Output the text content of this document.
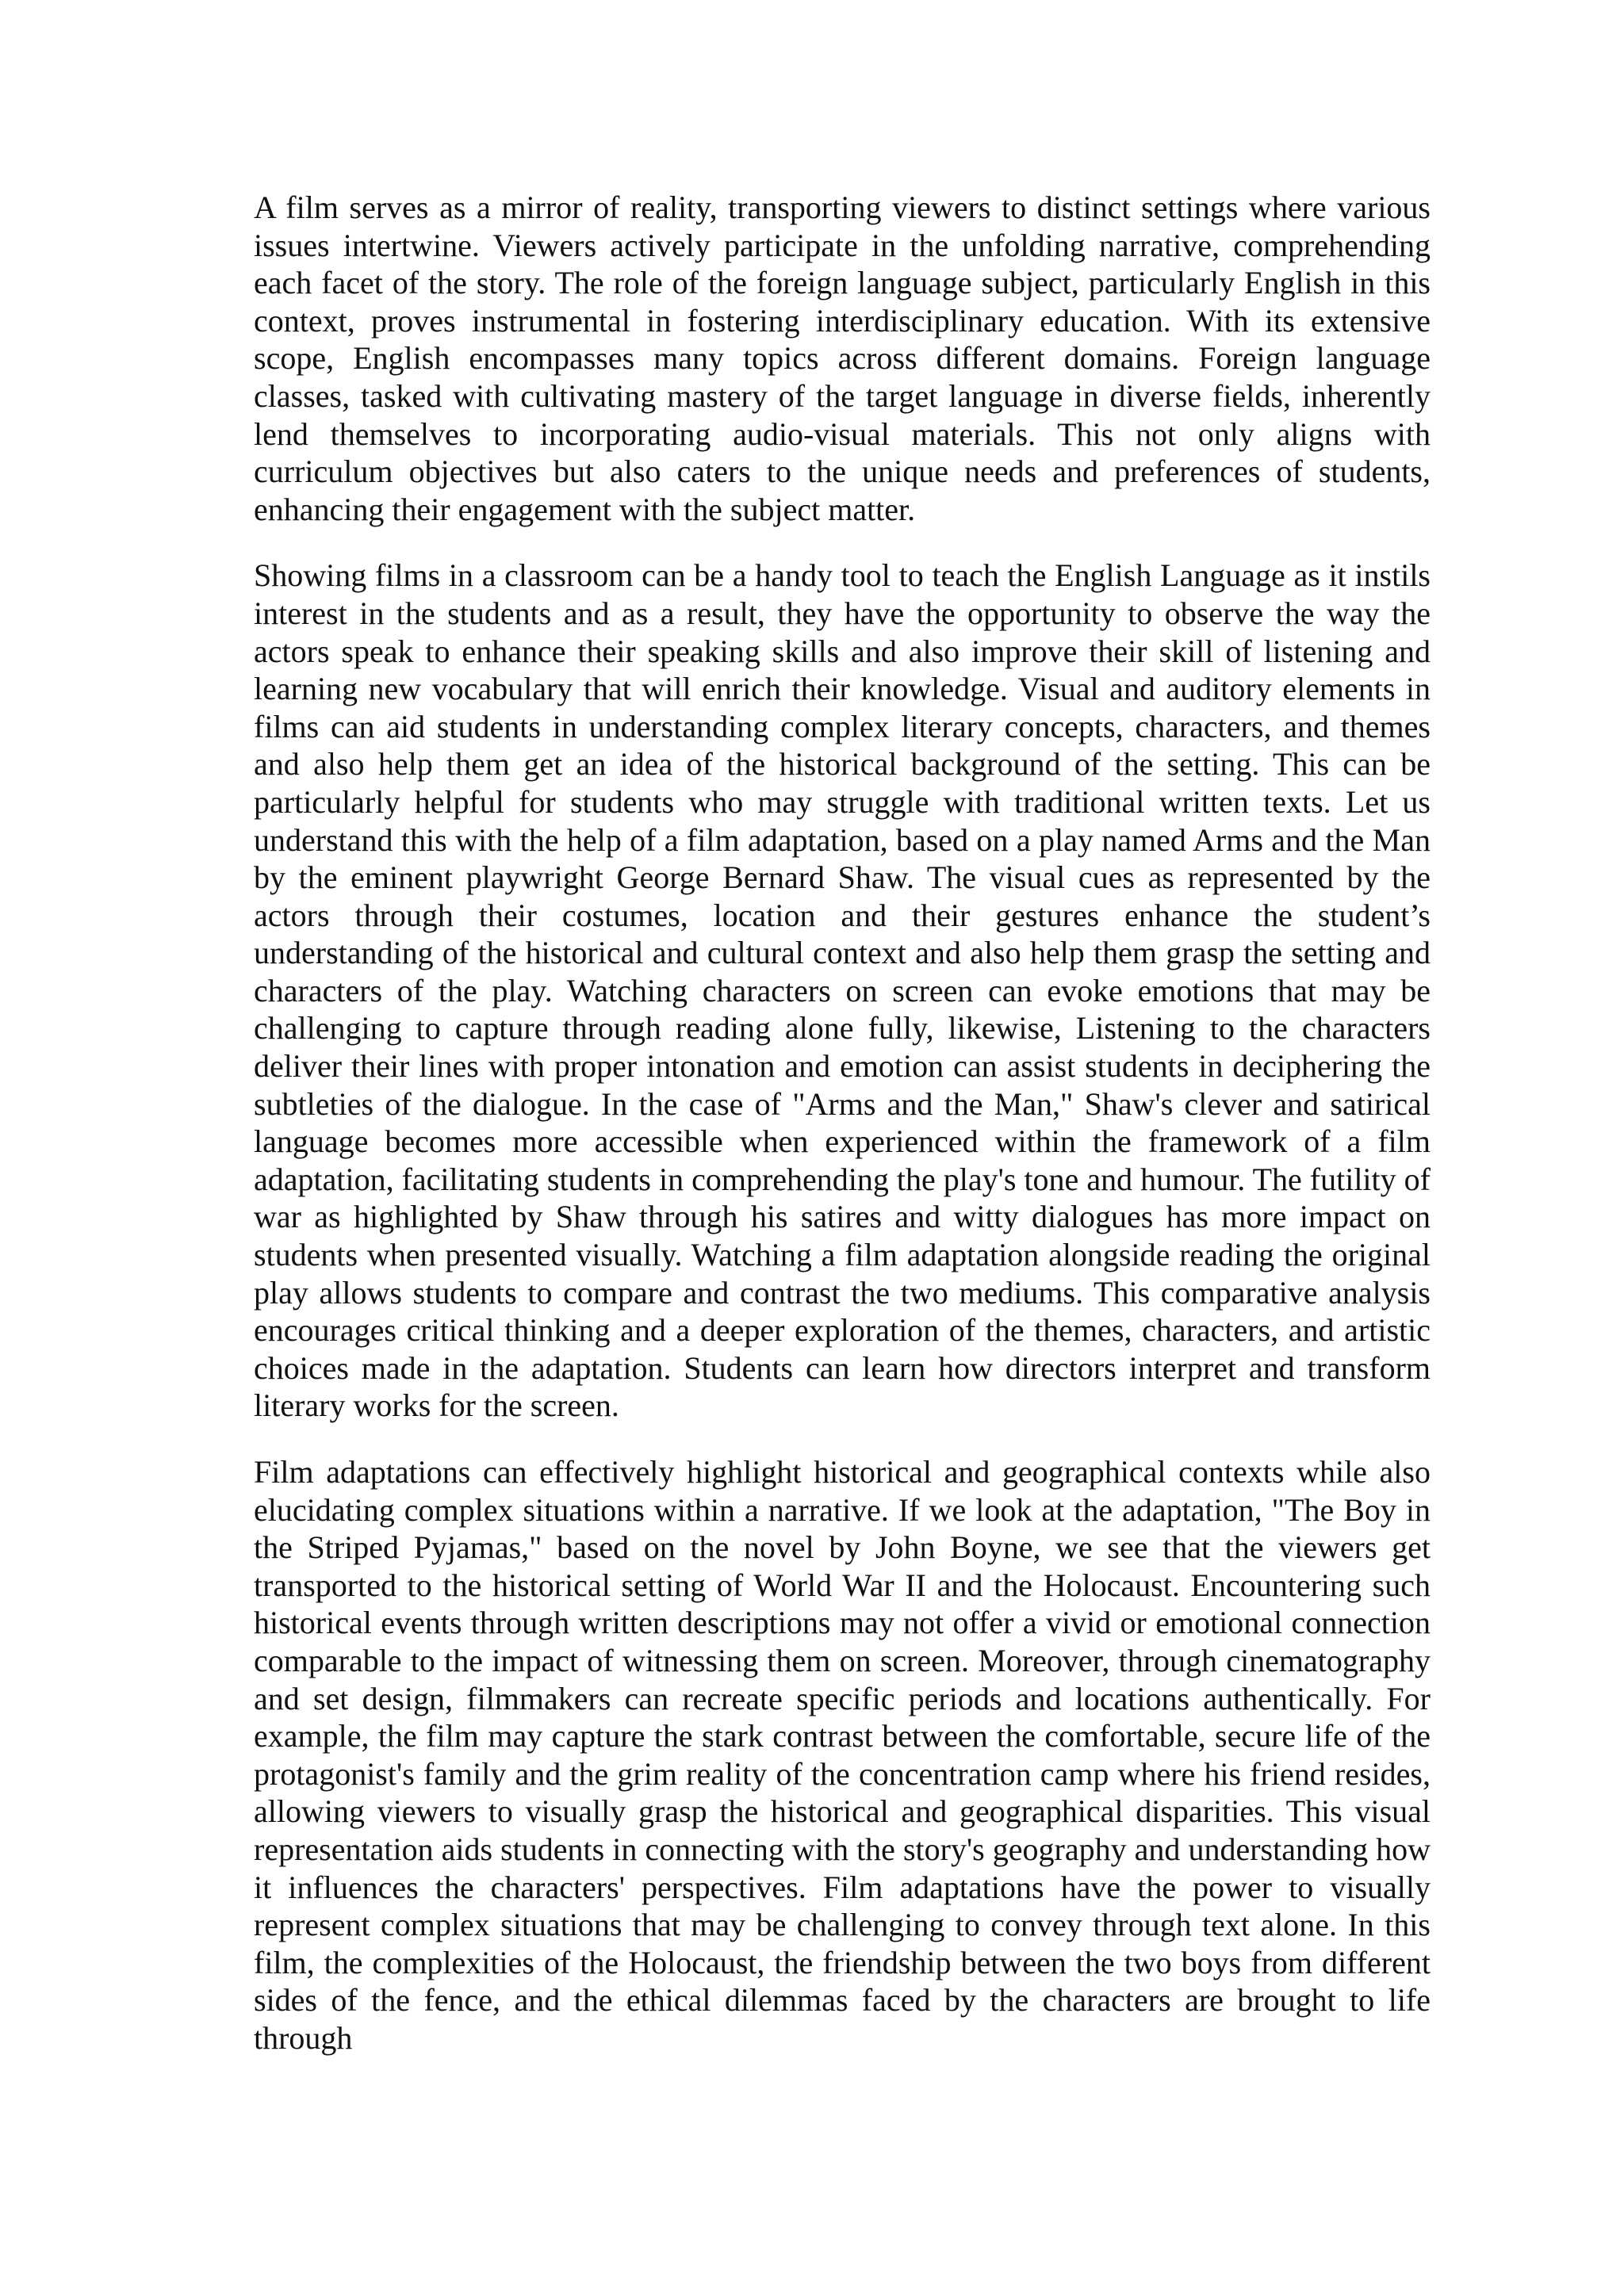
A film serves as a mirror of reality, transporting viewers to distinct settings where various issues intertwine. Viewers actively participate in the unfolding narrative, comprehending each facet of the story. The role of the foreign language subject, particularly English in this context, proves instrumental in fostering interdisciplinary education. With its extensive scope, English encompasses many topics across different domains. Foreign language classes, tasked with cultivating mastery of the target language in diverse fields, inherently lend themselves to incorporating audio-visual materials. This not only aligns with curriculum objectives but also caters to the unique needs and preferences of students, enhancing their engagement with the subject matter.

Showing films in a classroom can be a handy tool to teach the English Language as it instils interest in the students and as a result, they have the opportunity to observe the way the actors speak to enhance their speaking skills and also improve their skill of listening and learning new vocabulary that will enrich their knowledge. Visual and auditory elements in films can aid students in understanding complex literary concepts, characters, and themes and also help them get an idea of the historical background of the setting. This can be particularly helpful for students who may struggle with traditional written texts. Let us understand this with the help of a film adaptation, based on a play named Arms and the Man by the eminent playwright George Bernard Shaw. The visual cues as represented by the actors through their costumes, location and their gestures enhance the student’s understanding of the historical and cultural context and also help them grasp the setting and characters of the play. Watching characters on screen can evoke emotions that may be challenging to capture through reading alone fully, likewise, Listening to the characters deliver their lines with proper intonation and emotion can assist students in deciphering the subtleties of the dialogue. In the case of "Arms and the Man," Shaw's clever and satirical language becomes more accessible when experienced within the framework of a film adaptation, facilitating students in comprehending the play's tone and humour. The futility of war as highlighted by Shaw through his satires and witty dialogues has more impact on students when presented visually. Watching a film adaptation alongside reading the original play allows students to compare and contrast the two mediums. This comparative analysis encourages critical thinking and a deeper exploration of the themes, characters, and artistic choices made in the adaptation. Students can learn how directors interpret and transform literary works for the screen.

Film adaptations can effectively highlight historical and geographical contexts while also elucidating complex situations within a narrative. If we look at the adaptation, "The Boy in the Striped Pyjamas," based on the novel by John Boyne, we see that the viewers get transported to the historical setting of World War II and the Holocaust. Encountering such historical events through written descriptions may not offer a vivid or emotional connection comparable to the impact of witnessing them on screen. Moreover, through cinematography and set design, filmmakers can recreate specific periods and locations authentically. For example, the film may capture the stark contrast between the comfortable, secure life of the protagonist's family and the grim reality of the concentration camp where his friend resides, allowing viewers to visually grasp the historical and geographical disparities. This visual representation aids students in connecting with the story's geography and understanding how it influences the characters' perspectives. Film adaptations have the power to visually represent complex situations that may be challenging to convey through text alone. In this film, the complexities of the Holocaust, the friendship between the two boys from different sides of the fence, and the ethical dilemmas faced by the characters are brought to life through
